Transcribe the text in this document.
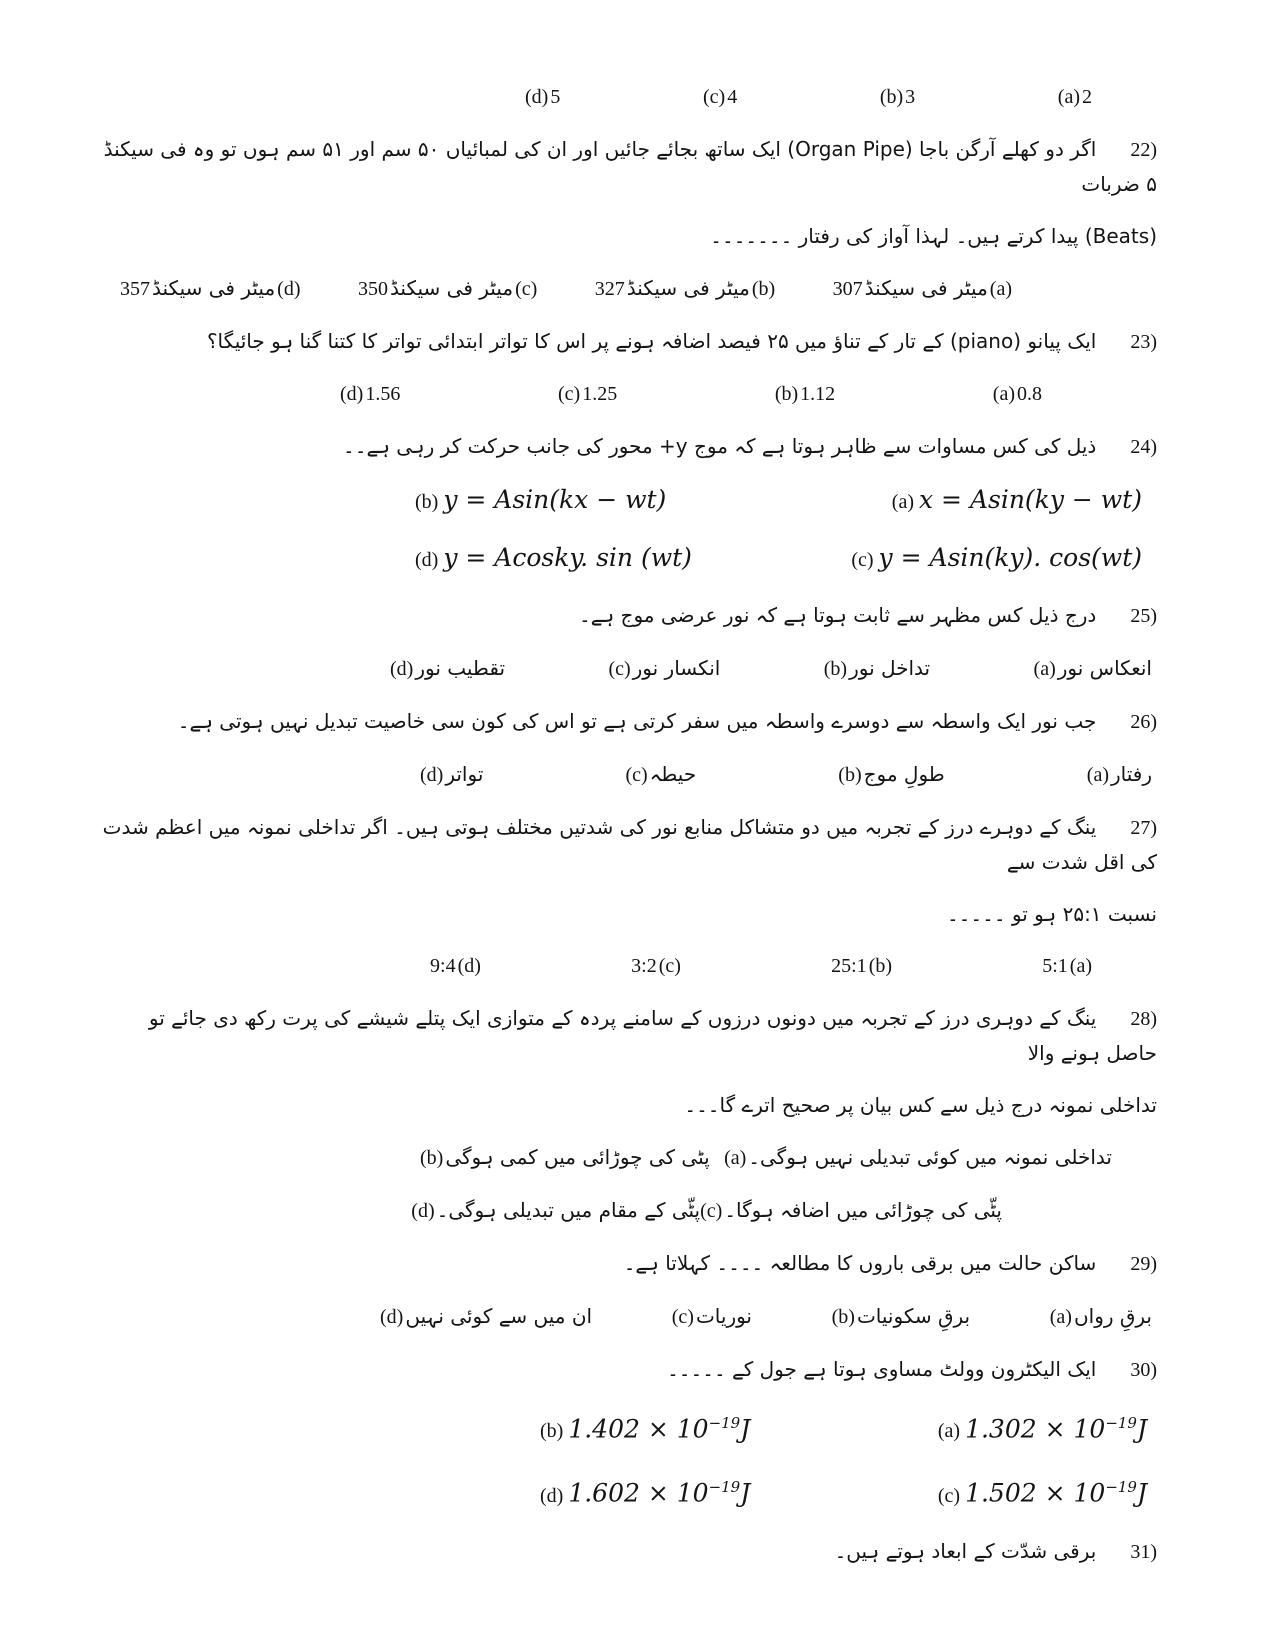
(a) 2
(b) 3
(c) 4
(d) 5
22)اگر دو کھلے آرگن باجا (Organ Pipe) ایک ساتھ بجائے جائیں اور ان کی لمبائیاں ۵۰ سم اور ۵۱ سم ہوں تو وہ فی سیکنڈ ۵ ضربات
(Beats) پیدا کرتے ہیں۔ لہذا آواز کی رفتار ۔۔۔۔۔۔۔
307 میٹر فی سیکنڈ (a)
327 میٹر فی سیکنڈ (b)
350 میٹر فی سیکنڈ (c)
357 میٹر فی سیکنڈ (d)
23)ایک پیانو (piano) کے تار کے تناؤ میں ۲۵ فیصد اضافہ ہونے پر اس کا تواتر ابتدائی تواتر کا کتنا گنا ہو جائیگا؟
(a) 0.8
(b) 1.12
(c) 1.25
(d) 1.56
24)ذیل کی کس مساوات سے ظاہر ہوتا ہے کہ موج y+ محور کی جانب حرکت کر رہی ہے۔۔
(a) x = Asin(ky − wt)
(b) y = Asin(kx − wt)
(c) y = Asin(ky). cos(wt)
(d) y = Acosky. sin (wt)
25)درج ذیل کس مظہر سے ثابت ہوتا ہے کہ نور عرضی موج ہے۔
(a) انعکاس نور
(b) تداخل نور
(c) انکسار نور
(d) تقطیب نور
26)جب نور ایک واسطہ سے دوسرے واسطہ میں سفر کرتی ہے تو اس کی کون سی خاصیت تبدیل نہیں ہوتی ہے۔
(a) رفتار
(b) طولِ موج
(c) حیطہ
(d) تواتر
27)ینگ کے دوہرے درز کے تجربہ میں دو متشاکل منابع نور کی شدتیں مختلف ہوتی ہیں۔ اگر تداخلی نمونہ میں اعظم شدت کی اقل شدت سے
نسبت ۲۵:۱ ہو تو ۔۔۔۔۔
5:1 (a)
25:1 (b)
3:2 (c)
9:4 (d)
28)ینگ کے دوہری درز کے تجربہ میں دونوں درزوں کے سامنے پردہ کے متوازی ایک پتلے شیشے کی پرت رکھ دی جائے تو حاصل ہونے والا
تداخلی نمونہ درج ذیل سے کس بیان پر صحیح اترے گا۔۔۔
(a) تداخلی نمونہ میں کوئی تبدیلی نہیں ہوگی۔
(b) پٹی کی چوڑائی میں کمی ہوگی
(c) پٹّی کی چوڑائی میں اضافہ ہوگا۔
(d) پٹّی کے مقام میں تبدیلی ہوگی۔
29)ساکن حالت میں برقی باروں کا مطالعہ ۔۔۔۔ کہلاتا ہے۔
(a) برقِ رواں
(b) برقِ سکونیات
(c) نوریات
(d) ان میں سے کوئی نہیں
30)ایک الیکٹرون وولٹ مساوی ہوتا ہے جول کے ۔۔۔۔۔
(a) $1.302 \times 10^{-19}J$
(b) $1.402 \times 10^{-19}J$
(c) $1.502 \times 10^{-19}J$
(d) $1.602 \times 10^{-19}J$
31)برقی شدّت کے ابعاد ہوتے ہیں۔
